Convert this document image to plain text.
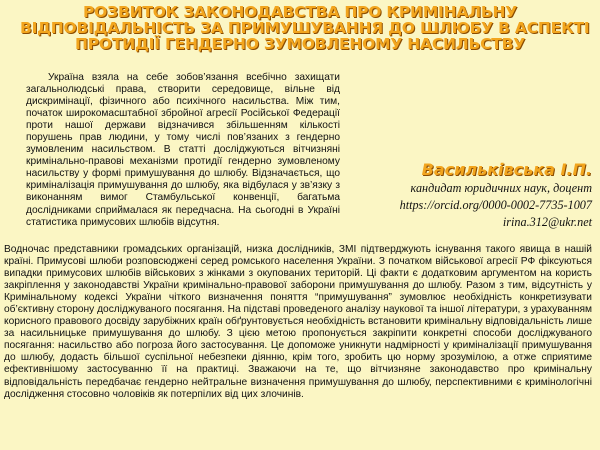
РОЗВИТОК ЗАКОНОДАВСТВА ПРО КРИМІНАЛЬНУ
ВІДПОВІДАЛЬНІСТЬ ЗА ПРИМУШУВАННЯ ДО ШЛЮБУ В АСПЕКТІ
ПРОТИДІЇ ГЕНДЕРНО ЗУМОВЛЕНОМУ НАСИЛЬСТВУ

Україна взяла на себе зобов’язання всебічно захищати загальнолюдські права, створити середовище, вільне від дискримінації, фізичного або психічного насильства. Між тим, початок широкомасштабної збройної агресії Російської Федерації проти нашої держави відзначився збільшенням кількості порушень прав людини, у тому числі пов’язаних з гендерно зумовленим насильством. В статті досліджуються вітчизняні кримінально-правові механізми протидії гендерно зумовленому насильству у формі примушування до шлюбу. Відзначається, що криміналізація примушування до шлюбу, яка відбулася у зв’язку з виконанням вимог Стамбульської конвенції, багатьма дослідниками сприймалася як передчасна. На сьогодні в Україні статистика примусових шлюбів відсутня.

Васильківська І.П.
кандидат юридичних наук, доцент
https://orcid.org/0000-0002-7735-1007
irina.312@ukr.net

Водночас представники громадських організацій, низка дослідників, ЗМІ підтверджують існування такого явища в нашій країні. Примусові шлюби розповсюджені серед ромського населення України. З початком військової агресії РФ фіксуються випадки примусових шлюбів військових з жінками з окупованих територій. Ці факти є додатковим аргументом на користь закріплення у законодавстві України кримінально-правової заборони примушування до шлюбу. Разом з тим, відсутність у Кримінальному кодексі України чіткого визначення поняття “примушування” зумовлює необхідність конкретизувати об’єктивну сторону досліджуваного посягання. На підставі проведеного аналізу наукової та іншої літератури, з урахуванням корисного правового досвіду зарубіжних країн обґрунтовується необхідність встановити кримінальну відповідальність лише за насильницьке примушування до шлюбу. З цією метою пропонується закріпити конкретні способи досліджуваного посягання: насильство або погроза його застосування. Це допоможе уникнути надмірності у криміналізації примушування до шлюбу, додасть більшої суспільної небезпеки діянню, крім того, зробить цю норму зрозумілою, а отже сприятиме ефективнішому застосуванню її на практиці. Зважаючи на те, що вітчизняне законодавство про кримінальну відповідальність передбачає гендерно нейтральне визначення примушування до шлюбу, перспективними є кримінологічні дослідження стосовно чоловіків як потерпілих від цих злочинів.
